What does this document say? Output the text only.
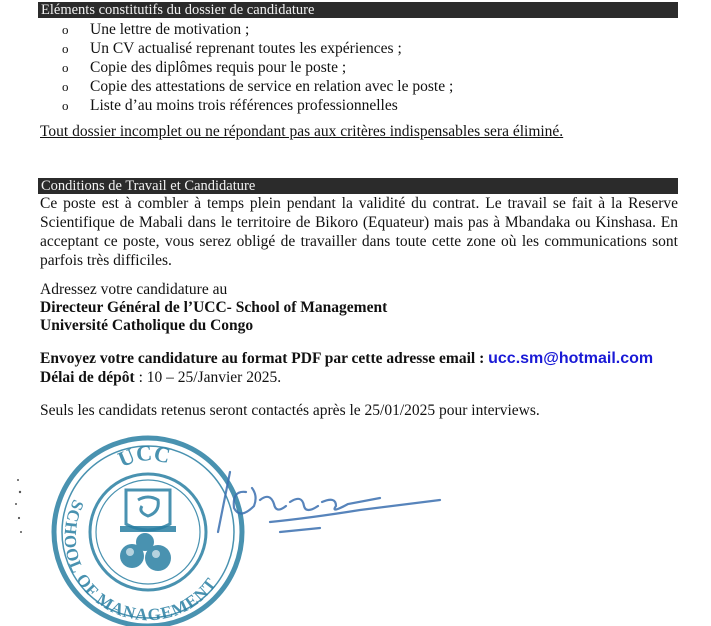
Eléments constitutifs du dossier de candidature
o Une lettre de motivation ;
o Un CV actualisé reprenant toutes les expériences ;
o Copie des diplômes requis pour le poste ;
o Copie des attestations de service en relation avec le poste ;
o Liste d’au moins trois références professionnelles
Tout dossier incomplet ou ne répondant pas aux critères indispensables sera éliminé.
Conditions de Travail et Candidature

Ce poste est à combler à temps plein pendant la validité du contrat. Le travail se fait à la Reserve Scientifique de Mabali dans le territoire de Bikoro (Equateur) mais pas à Mbandaka ou Kinshasa. En acceptant ce poste, vous serez obligé de travailler dans toute cette zone où les communications sont parfois très difficiles.

Adressez votre candidature au
Directeur Général de l’UCC- School of Management
Université Catholique du Congo
Envoyez votre candidature au format PDF par cette adresse email : ucc.sm@hotmail.com
Délai de dépôt : 10 – 25/Janvier 2025.
Seuls les candidats retenus seront contactés après le 25/01/2025 pour interviews.
UCC
SCHOOL OF MANAGEMENT
